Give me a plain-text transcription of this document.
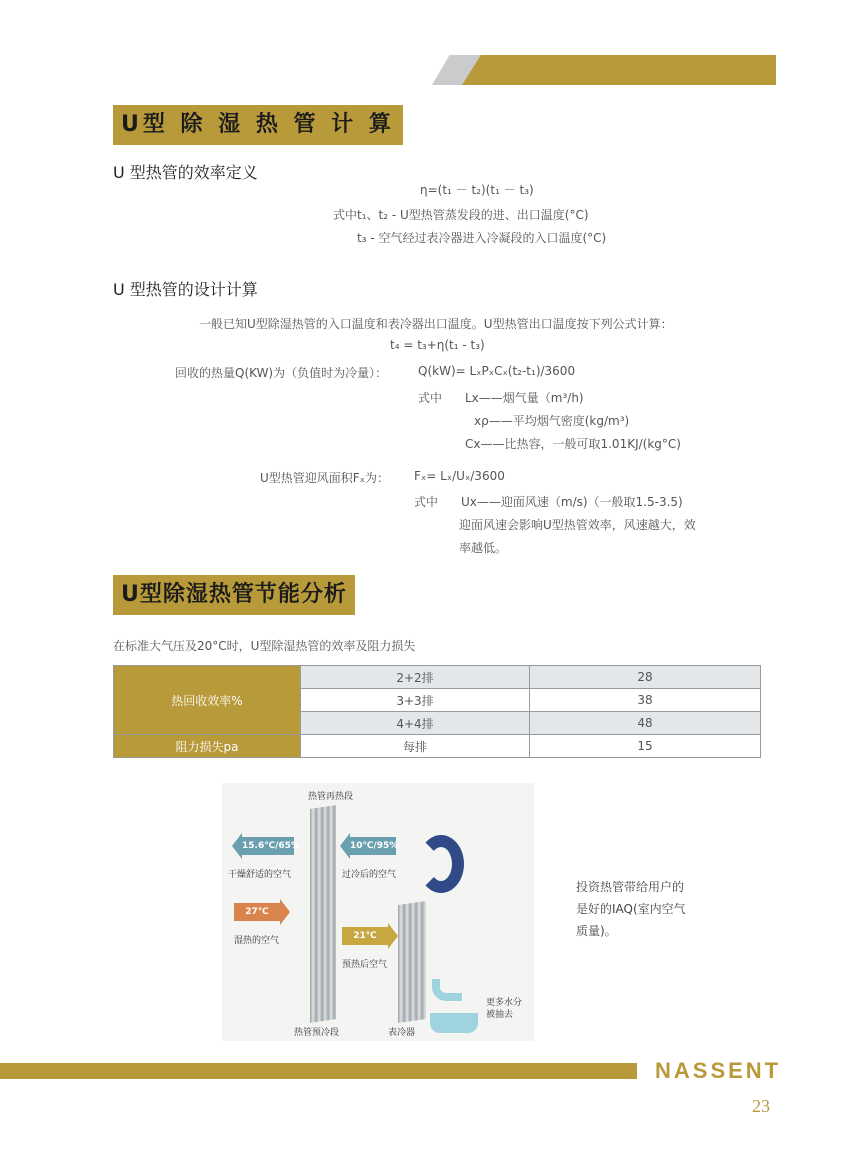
U型 除 湿 热 管 计 算
U 型热管的效率定义
η=(t₁ － t₂)(t₁ － t₃)
式中t₁、t₂ - U型热管蒸发段的进、出口温度(°C)
t₃ - 空气经过表冷器进入冷凝段的入口温度(°C)
U 型热管的设计计算
一般已知U型除湿热管的入口温度和表冷器出口温度。U型热管出口温度按下列公式计算：
t₄ = t₃+η(t₁ - t₃)
回收的热量Q(KW)为（负值时为冷量）：	Q(kW)= LₓPₓCₓ(t₂-t₁)/3600
式中 Lx——烟气量（m³/h)
xρ——平均烟气密度(kg/m³)
Cx——比热容，一般可取1.01KJ/(kg°C)
U型热管迎风面积Fₓ为： Fₓ= Lₓ/Uₓ/3600
式中 Ux——迎面风速（m/s)（一般取1.5-3.5)
迎面风速会影响U型热管效率，风速越大，效
率越低。
U型除湿热管节能分析
在标准大气压及20°C时，U型除湿热管的效率及阻力损失
热回收效率%	2+2排	28
	3+3排	38
	4+4排	48
阻力损失pa	每排	15
热管再热段
15.6℃/65%
干燥舒适的空气
10℃/95%
过冷后的空气
27℃
湿热的空气	21℃
预热后空气
更多水分
被抽去
热管预冷段	表冷器
投资热管带给用户的是好的IAQ(室内空气质量)。
NASSENT
23
